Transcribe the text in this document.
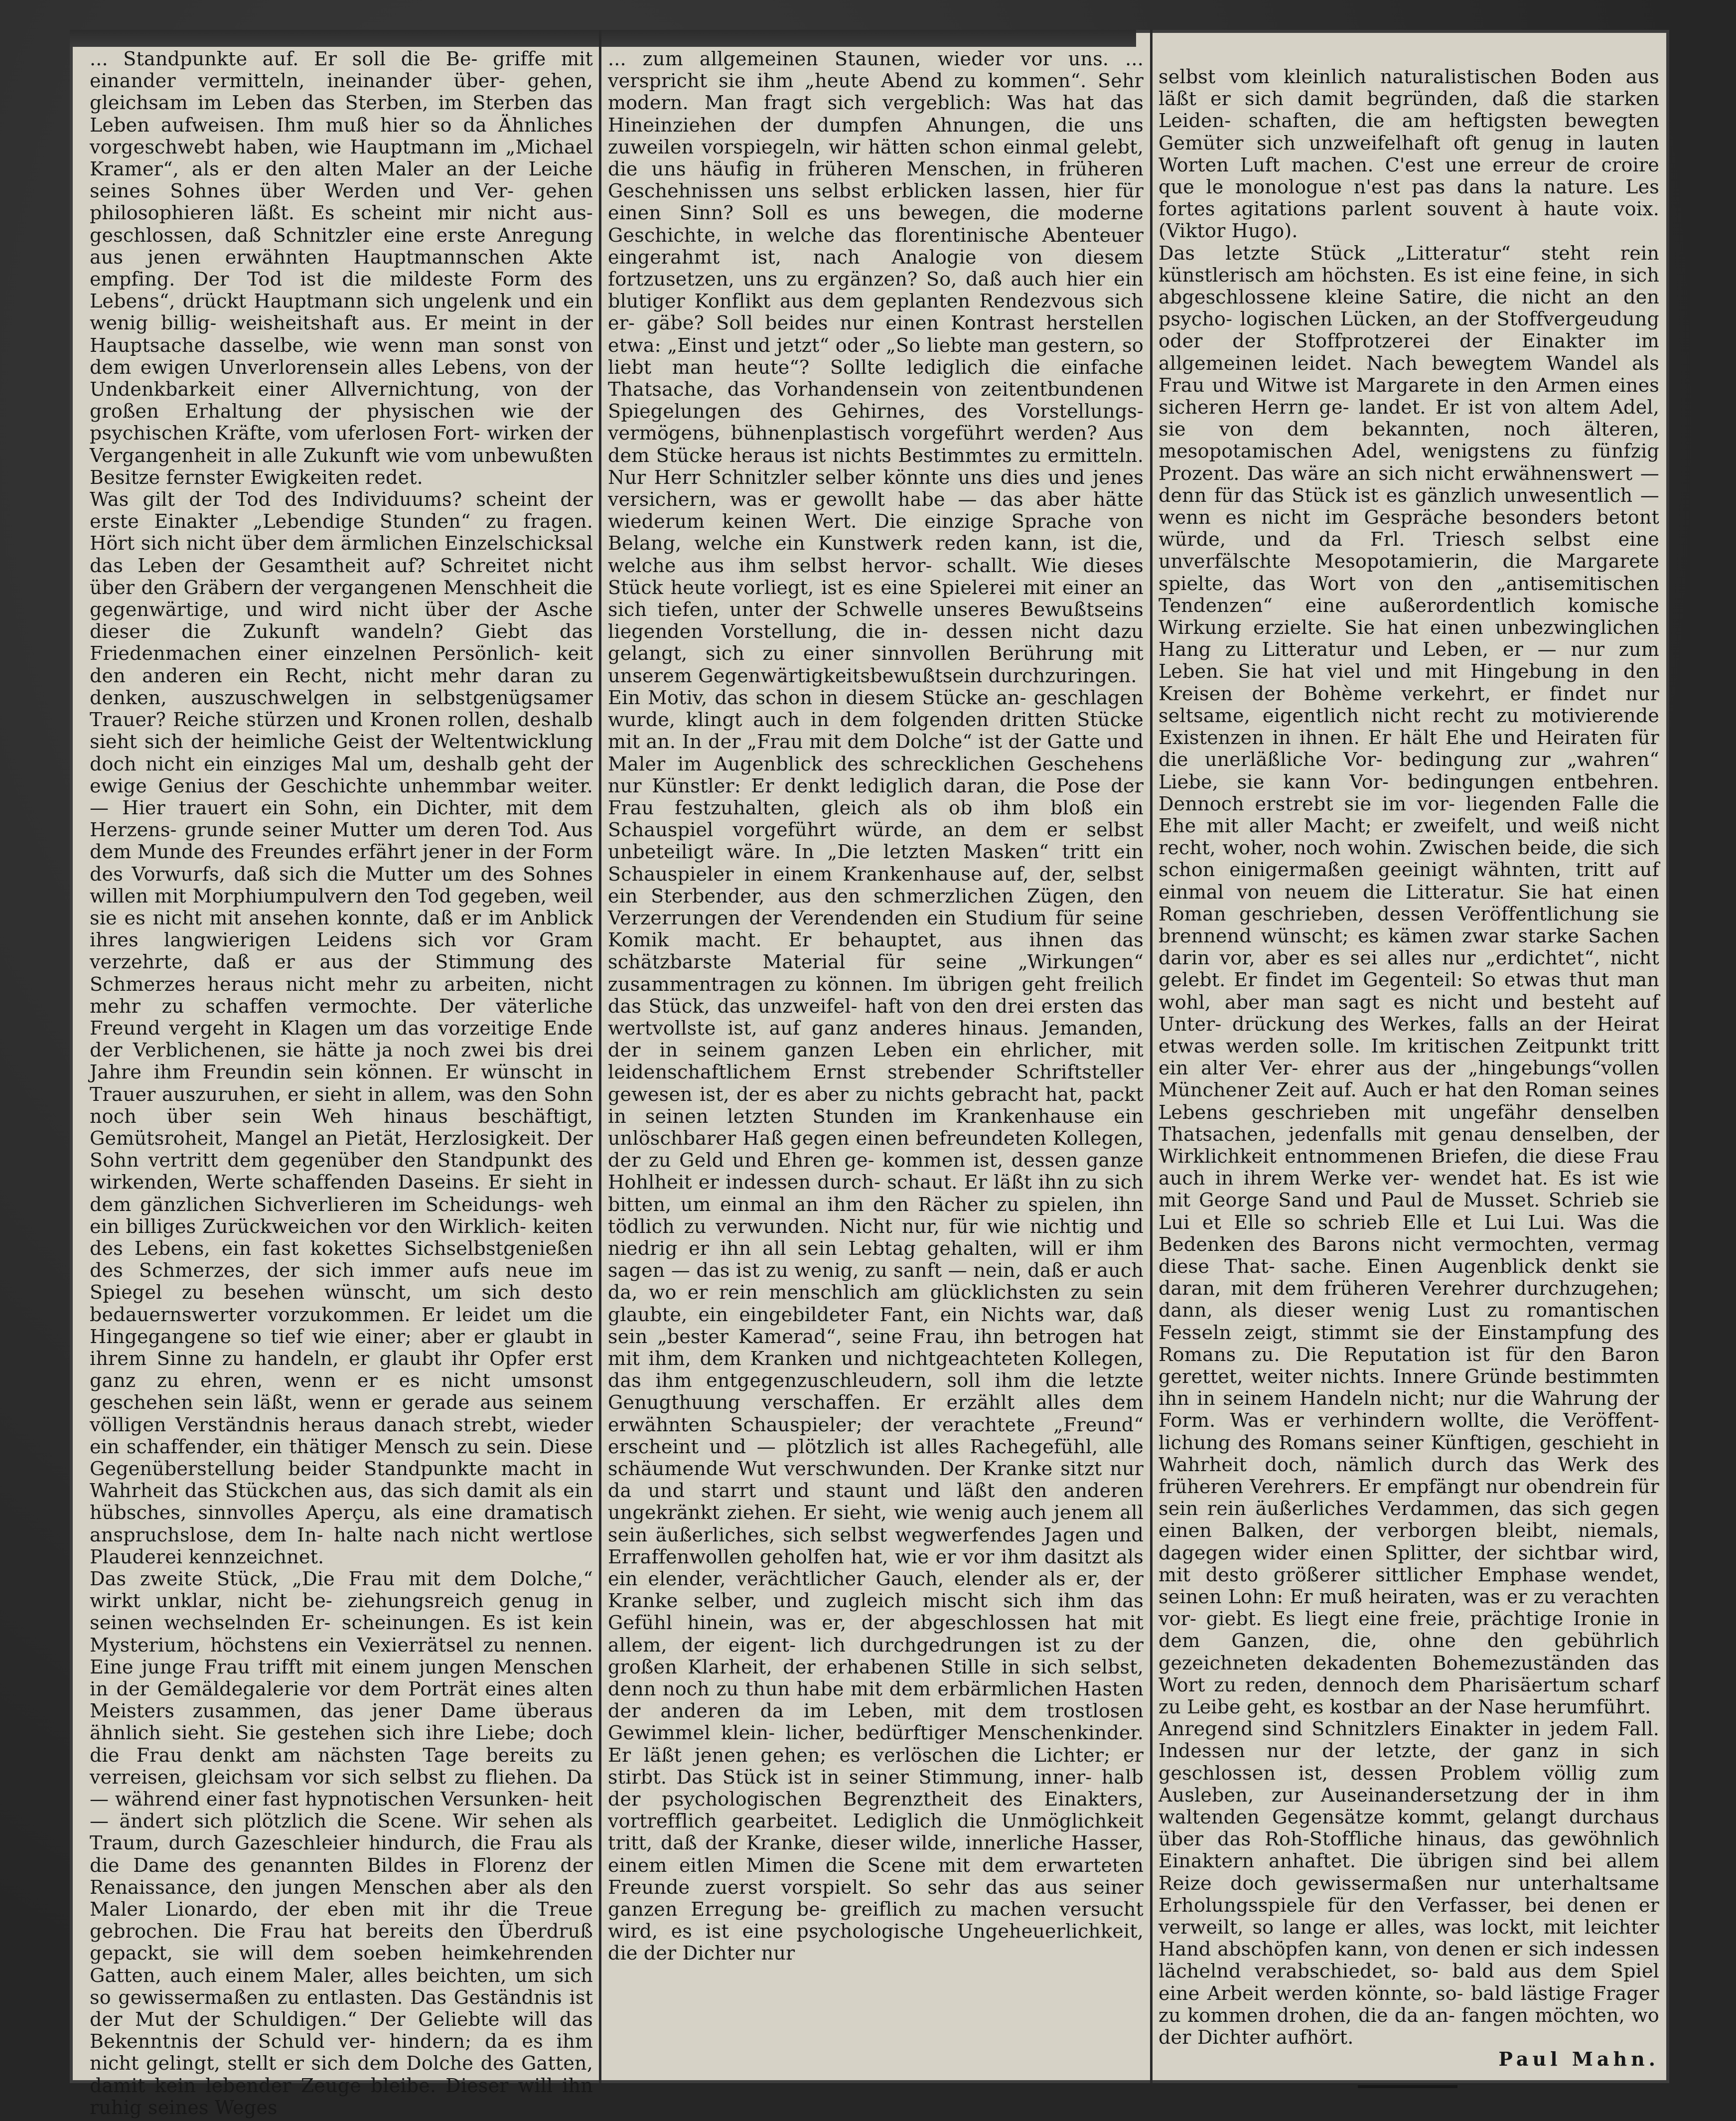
... Standpunkte auf. Er soll die Be- griffe mit einander vermitteln, ineinander über- gehen, gleichsam im Leben das Sterben, im Sterben das Leben aufweisen. Ihm muß hier so da Ähnliches vorgeschwebt haben, wie Hauptmann im „Michael Kramer“, als er den alten Maler an der Leiche seines Sohnes über Werden und Ver- gehen philosophieren läßt. Es scheint mir nicht aus- geschlossen, daß Schnitzler eine erste Anregung aus jenen erwähnten Hauptmannschen Akte empfing. Der Tod ist die mildeste Form des Lebens“, drückt Hauptmann sich ungelenk und ein wenig billig- weisheitshaft aus. Er meint in der Hauptsache dasselbe, wie wenn man sonst von dem ewigen Unverlorensein alles Lebens, von der Undenkbarkeit einer Allvernichtung, von der großen Erhaltung der physischen wie der psychischen Kräfte, vom uferlosen Fort- wirken der Vergangenheit in alle Zukunft wie vom unbewußten Besitze fernster Ewigkeiten redet.

Was gilt der Tod des Individuums? scheint der erste Einakter „Lebendige Stunden“ zu fragen. Hört sich nicht über dem ärmlichen Einzelschicksal das Leben der Gesamtheit auf? Schreitet nicht über den Gräbern der vergangenen Menschheit die gegenwärtige, und wird nicht über der Asche dieser die Zukunft wandeln? Giebt das Friedenmachen einer einzelnen Persönlich- keit den anderen ein Recht, nicht mehr daran zu denken, auszuschwelgen in selbstgenügsamer Trauer? Reiche stürzen und Kronen rollen, deshalb sieht sich der heimliche Geist der Weltentwicklung doch nicht ein einziges Mal um, deshalb geht der ewige Genius der Geschichte unhemmbar weiter. — Hier trauert ein Sohn, ein Dichter, mit dem Herzens- grunde seiner Mutter um deren Tod. Aus dem Munde des Freundes erfährt jener in der Form des Vorwurfs, daß sich die Mutter um des Sohnes willen mit Morphiumpulvern den Tod gegeben, weil sie es nicht mit ansehen konnte, daß er im Anblick ihres langwierigen Leidens sich vor Gram verzehrte, daß er aus der Stimmung des Schmerzes heraus nicht mehr zu arbeiten, nicht mehr zu schaffen vermochte. Der väterliche Freund vergeht in Klagen um das vorzeitige Ende der Verblichenen, sie hätte ja noch zwei bis drei Jahre ihm Freundin sein können. Er wünscht in Trauer auszuruhen, er sieht in allem, was den Sohn noch über sein Weh hinaus beschäftigt, Gemütsroheit, Mangel an Pietät, Herzlosigkeit. Der Sohn vertritt dem gegenüber den Standpunkt des wirkenden, Werte schaffenden Daseins. Er sieht in dem gänzlichen Sichverlieren im Scheidungs- weh ein billiges Zurückweichen vor den Wirklich- keiten des Lebens, ein fast kokettes Sichselbstgenießen des Schmerzes, der sich immer aufs neue im Spiegel zu besehen wünscht, um sich desto bedauernswerter vorzukommen. Er leidet um die Hingegangene so tief wie einer; aber er glaubt in ihrem Sinne zu handeln, er glaubt ihr Opfer erst ganz zu ehren, wenn er es nicht umsonst geschehen sein läßt, wenn er gerade aus seinem völligen Verständnis heraus danach strebt, wieder ein schaffender, ein thätiger Mensch zu sein. Diese Gegenüberstellung beider Standpunkte macht in Wahrheit das Stückchen aus, das sich damit als ein hübsches, sinnvolles Aperçu, als eine dramatisch anspruchslose, dem In- halte nach nicht wertlose Plauderei kennzeichnet.

Das zweite Stück, „Die Frau mit dem Dolche,“ wirkt unklar, nicht be- ziehungsreich genug in seinen wechselnden Er- scheinungen. Es ist kein Mysterium, höchstens ein Vexierrätsel zu nennen. Eine junge Frau trifft mit einem jungen Menschen in der Gemäldegalerie vor dem Porträt eines alten Meisters zusammen, das jener Dame überaus ähnlich sieht. Sie gestehen sich ihre Liebe; doch die Frau denkt am nächsten Tage bereits zu verreisen, gleichsam vor sich selbst zu fliehen. Da — während einer fast hypnotischen Versunken- heit — ändert sich plötzlich die Scene. Wir sehen als Traum, durch Gazeschleier hindurch, die Frau als die Dame des genannten Bildes in Florenz der Renaissance, den jungen Menschen aber als den Maler Lionardo, der eben mit ihr die Treue gebrochen. Die Frau hat bereits den Überdruß gepackt, sie will dem soeben heimkehrenden Gatten, auch einem Maler, alles beichten, um sich so gewissermaßen zu entlasten. Das Geständnis ist der Mut der Schuldigen.“ Der Geliebte will das Bekenntnis der Schuld ver- hindern; da es ihm nicht gelingt, stellt er sich dem Dolche des Gatten, damit kein lebender Zeuge bleibe. Dieser will ihn ruhig seines Weges

... zum allgemeinen Staunen, wieder vor uns. ... verspricht sie ihm „heute Abend zu kommen“. Sehr modern. Man fragt sich vergeblich: Was hat das Hineinziehen der dumpfen Ahnungen, die uns zuweilen vorspiegeln, wir hätten schon einmal gelebt, die uns häufig in früheren Menschen, in früheren Geschehnissen uns selbst erblicken lassen, hier für einen Sinn? Soll es uns bewegen, die moderne Geschichte, in welche das florentinische Abenteuer eingerahmt ist, nach Analogie von diesem fortzusetzen, uns zu ergänzen? So, daß auch hier ein blutiger Konflikt aus dem geplanten Rendezvous sich er- gäbe? Soll beides nur einen Kontrast herstellen etwa: „Einst und jetzt“ oder „So liebte man gestern, so liebt man heute“? Sollte lediglich die einfache Thatsache, das Vorhandensein von zeitentbundenen Spiegelungen des Gehirnes, des Vorstellungs- vermögens, bühnenplastisch vorgeführt werden? Aus dem Stücke heraus ist nichts Bestimmtes zu ermitteln. Nur Herr Schnitzler selber könnte uns dies und jenes versichern, was er gewollt habe — das aber hätte wiederum keinen Wert. Die einzige Sprache von Belang, welche ein Kunstwerk reden kann, ist die, welche aus ihm selbst hervor- schallt. Wie dieses Stück heute vorliegt, ist es eine Spielerei mit einer an sich tiefen, unter der Schwelle unseres Bewußtseins liegenden Vorstellung, die in- dessen nicht dazu gelangt, sich zu einer sinnvollen Berührung mit unserem Gegenwärtigkeitsbewußtsein durchzuringen.

Ein Motiv, das schon in diesem Stücke an- geschlagen wurde, klingt auch in dem folgenden dritten Stücke mit an. In der „Frau mit dem Dolche“ ist der Gatte und Maler im Augenblick des schrecklichen Geschehens nur Künstler: Er denkt lediglich daran, die Pose der Frau festzuhalten, gleich als ob ihm bloß ein Schauspiel vorgeführt würde, an dem er selbst unbeteiligt wäre. In „Die letzten Masken“ tritt ein Schauspieler in einem Krankenhause auf, der, selbst ein Sterbender, aus den schmerzlichen Zügen, den Verzerrungen der Verendenden ein Studium für seine Komik macht. Er behauptet, aus ihnen das schätzbarste Material für seine „Wirkungen“ zusammentragen zu können. Im übrigen geht freilich das Stück, das unzweifel- haft von den drei ersten das wertvollste ist, auf ganz anderes hinaus. Jemanden, der in seinem ganzen Leben ein ehrlicher, mit leidenschaftlichem Ernst strebender Schriftsteller gewesen ist, der es aber zu nichts gebracht hat, packt in seinen letzten Stunden im Krankenhause ein unlöschbarer Haß gegen einen befreundeten Kollegen, der zu Geld und Ehren ge- kommen ist, dessen ganze Hohlheit er indessen durch- schaut. Er läßt ihn zu sich bitten, um einmal an ihm den Rächer zu spielen, ihn tödlich zu verwunden. Nicht nur, für wie nichtig und niedrig er ihn all sein Lebtag gehalten, will er ihm sagen — das ist zu wenig, zu sanft — nein, daß er auch da, wo er rein menschlich am glücklichsten zu sein glaubte, ein eingebildeter Fant, ein Nichts war, daß sein „bester Kamerad“, seine Frau, ihn betrogen hat mit ihm, dem Kranken und nichtgeachteten Kollegen, das ihm entgegenzuschleudern, soll ihm die letzte Genugthuung verschaffen. Er erzählt alles dem erwähnten Schauspieler; der verachtete „Freund“ erscheint und — plötzlich ist alles Rachegefühl, alle schäumende Wut verschwunden. Der Kranke sitzt nur da und starrt und staunt und läßt den anderen ungekränkt ziehen. Er sieht, wie wenig auch jenem all sein äußerliches, sich selbst wegwerfendes Jagen und Erraffenwollen geholfen hat, wie er vor ihm dasitzt als ein elender, verächtlicher Gauch, elender als er, der Kranke selber, und zugleich mischt sich ihm das Gefühl hinein, was er, der abgeschlossen hat mit allem, der eigent- lich durchgedrungen ist zu der großen Klarheit, der erhabenen Stille in sich selbst, denn noch zu thun habe mit dem erbärmlichen Hasten der anderen da im Leben, mit dem trostlosen Gewimmel klein- licher, bedürftiger Menschenkinder. Er läßt jenen gehen; es verlöschen die Lichter; er stirbt. Das Stück ist in seiner Stimmung, inner- halb der psychologischen Begrenztheit des Einakters, vortrefflich gearbeitet. Lediglich die Unmöglichkeit tritt, daß der Kranke, dieser wilde, innerliche Hasser, einem eitlen Mimen die Scene mit dem erwarteten Freunde zuerst vorspielt. So sehr das aus seiner ganzen Erregung be- greiflich zu machen versucht wird, es ist eine psychologische Ungeheuerlichkeit, die der Dichter nur

selbst vom kleinlich naturalistischen Boden aus läßt er sich damit begründen, daß die starken Leiden- schaften, die am heftigsten bewegten Gemüter sich unzweifelhaft oft genug in lauten Worten Luft machen. C'est une erreur de croire que le monologue n'est pas dans la nature. Les fortes agitations parlent souvent à haute voix. (Viktor Hugo).

Das letzte Stück „Litteratur“ steht rein künstlerisch am höchsten. Es ist eine feine, in sich abgeschlossene kleine Satire, die nicht an den psycho- logischen Lücken, an der Stoffvergeudung oder der Stoffprotzerei der Einakter im allgemeinen leidet. Nach bewegtem Wandel als Frau und Witwe ist Margarete in den Armen eines sicheren Herrn ge- landet. Er ist von altem Adel, sie von dem bekannten, noch älteren, mesopotamischen Adel, wenigstens zu fünfzig Prozent. Das wäre an sich nicht erwähnenswert — denn für das Stück ist es gänzlich unwesentlich — wenn es nicht im Gespräche besonders betont würde, und da Frl. Triesch selbst eine unverfälschte Mesopotamierin, die Margarete spielte, das Wort von den „antisemitischen Tendenzen“ eine außerordentlich komische Wirkung erzielte. Sie hat einen unbezwinglichen Hang zu Litteratur und Leben, er — nur zum Leben. Sie hat viel und mit Hingebung in den Kreisen der Bohème verkehrt, er findet nur seltsame, eigentlich nicht recht zu motivierende Existenzen in ihnen. Er hält Ehe und Heiraten für die unerläßliche Vor- bedingung zur „wahren“ Liebe, sie kann Vor- bedingungen entbehren. Dennoch erstrebt sie im vor- liegenden Falle die Ehe mit aller Macht; er zweifelt, und weiß nicht recht, woher, noch wohin. Zwischen beide, die sich schon einigermaßen geeinigt wähnten, tritt auf einmal von neuem die Litteratur. Sie hat einen Roman geschrieben, dessen Veröffentlichung sie brennend wünscht; es kämen zwar starke Sachen darin vor, aber es sei alles nur „erdichtet“, nicht gelebt. Er findet im Gegenteil: So etwas thut man wohl, aber man sagt es nicht und besteht auf Unter- drückung des Werkes, falls an der Heirat etwas werden solle. Im kritischen Zeitpunkt tritt ein alter Ver- ehrer aus der „hingebungs“vollen Münchener Zeit auf. Auch er hat den Roman seines Lebens geschrieben mit ungefähr denselben Thatsachen, jedenfalls mit genau denselben, der Wirklichkeit entnommenen Briefen, die diese Frau auch in ihrem Werke ver- wendet hat. Es ist wie mit George Sand und Paul de Musset. Schrieb sie Lui et Elle so schrieb Elle et Lui Lui. Was die Bedenken des Barons nicht vermochten, vermag diese That- sache. Einen Augenblick denkt sie daran, mit dem früheren Verehrer durchzugehen; dann, als dieser wenig Lust zu romantischen Fesseln zeigt, stimmt sie der Einstampfung des Romans zu. Die Reputation ist für den Baron gerettet, weiter nichts. Innere Gründe bestimmten ihn in seinem Handeln nicht; nur die Wahrung der Form. Was er verhindern wollte, die Veröffent- lichung des Romans seiner Künftigen, geschieht in Wahrheit doch, nämlich durch das Werk des früheren Verehrers. Er empfängt nur obendrein für sein rein äußerliches Verdammen, das sich gegen einen Balken, der verborgen bleibt, niemals, dagegen wider einen Splitter, der sichtbar wird, mit desto größerer sittlicher Emphase wendet, seinen Lohn: Er muß heiraten, was er zu verachten vor- giebt. Es liegt eine freie, prächtige Ironie in dem Ganzen, die, ohne den gebührlich gezeichneten dekadenten Bohemezuständen das Wort zu reden, dennoch dem Pharisäertum scharf zu Leibe geht, es kostbar an der Nase herumführt.

Anregend sind Schnitzlers Einakter in jedem Fall. Indessen nur der letzte, der ganz in sich geschlossen ist, dessen Problem völlig zum Ausleben, zur Auseinandersetzung der in ihm waltenden Gegensätze kommt, gelangt durchaus über das Roh-Stoffliche hinaus, das gewöhnlich Einaktern anhaftet. Die übrigen sind bei allem Reize doch gewissermaßen nur unterhaltsame Erholungsspiele für den Verfasser, bei denen er verweilt, so lange er alles, was lockt, mit leichter Hand abschöpfen kann, von denen er sich indessen lächelnd verabschiedet, so- bald aus dem Spiel eine Arbeit werden könnte, so- bald lästige Frager zu kommen drohen, die da an- fangen möchten, wo der Dichter aufhört.

Paul Mahn.
